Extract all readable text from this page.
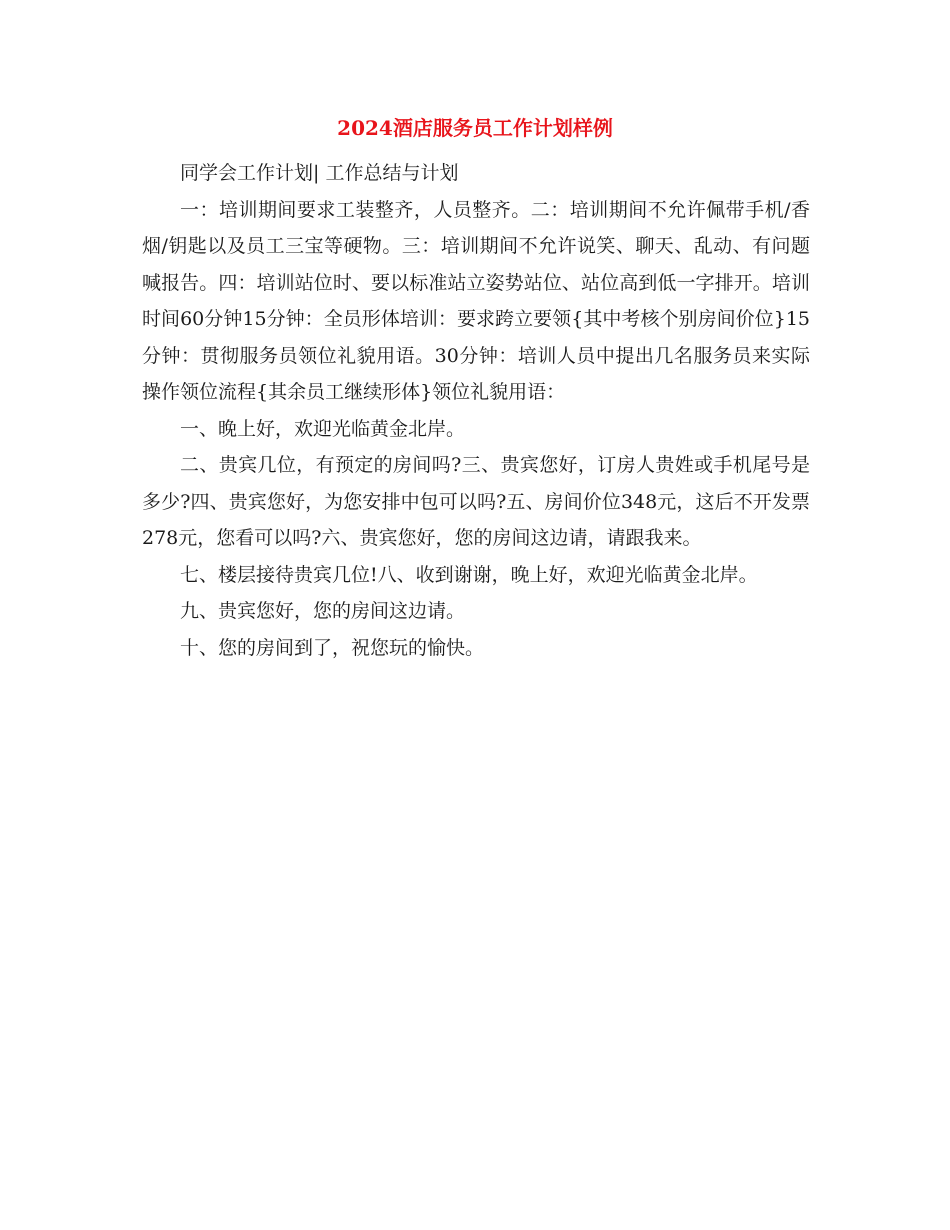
2024酒店服务员工作计划样例

同学会工作计划| 工作总结与计划

一：培训期间要求工装整齐，人员整齐。二：培训期间不允许佩带手机/香烟/钥匙以及员工三宝等硬物。三：培训期间不允许说笑、聊天、乱动、有问题喊报告。四：培训站位时、要以标准站立姿势站位、站位高到低一字排开。培训时间60分钟15分钟：全员形体培训：要求跨立要领{其中考核个别房间价位}15分钟：贯彻服务员领位礼貌用语。30分钟：培训人员中提出几名服务员来实际操作领位流程{其余员工继续形体}领位礼貌用语：

一、晚上好，欢迎光临黄金北岸。

二、贵宾几位，有预定的房间吗?三、贵宾您好，订房人贵姓或手机尾号是多少?四、贵宾您好，为您安排中包可以吗?五、房间价位348元，这后不开发票278元，您看可以吗?六、贵宾您好，您的房间这边请，请跟我来。

七、楼层接待贵宾几位!八、收到谢谢，晚上好，欢迎光临黄金北岸。

九、贵宾您好，您的房间这边请。

十、您的房间到了，祝您玩的愉快。
